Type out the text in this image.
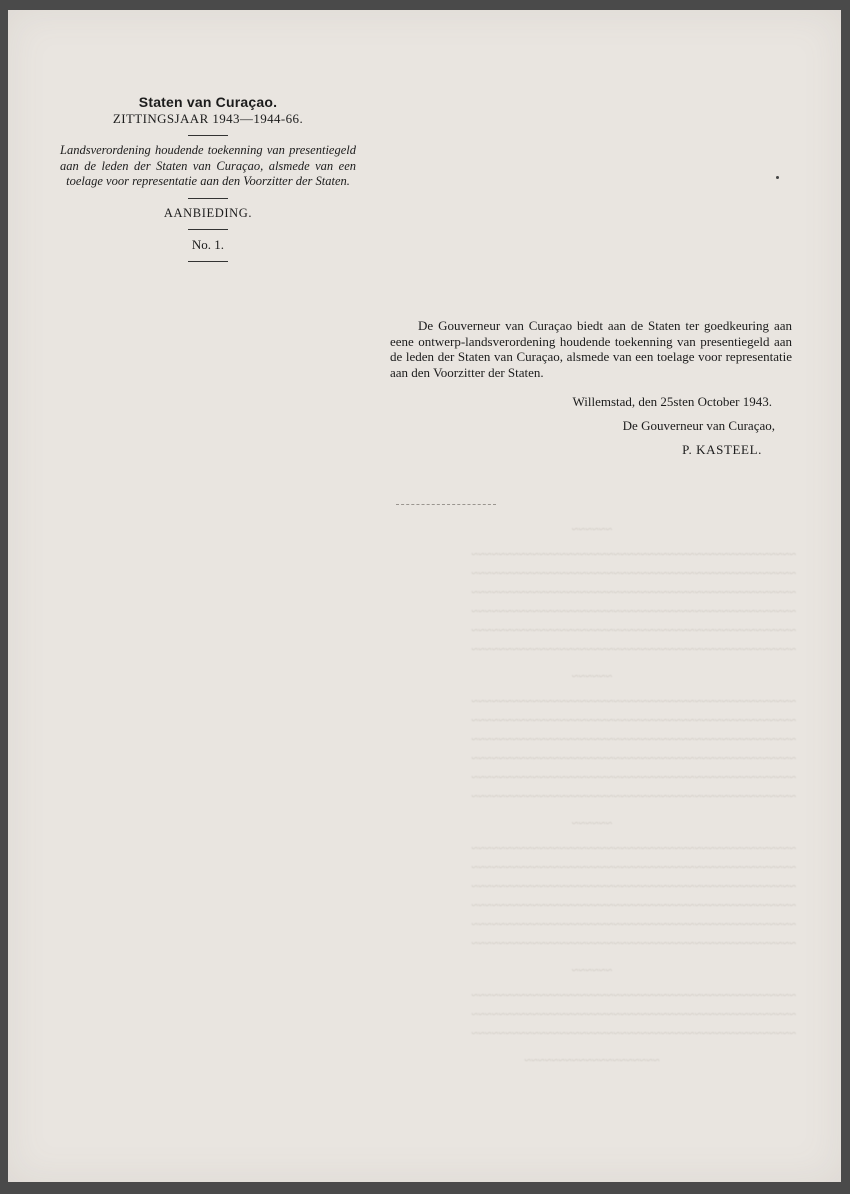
~~~~~~

~~~~~~~~~~~~~~~~~~~~~~~~~~~~~~~~~~~~~~~~~~~~~~~~

~~~~~~~~~~~~~~~~~~~~~~~~~~~~~~~~~~~~~~~~~~~~~~~~

~~~~~~~~~~~~~~~~~~~~~~~~~~~~~~~~~~~~~~~~~~~~~~~~

~~~~~~~~~~~~~~~~~~~~~~~~~~~~~~~~~~~~~~~~~~~~~~~~

~~~~~~~~~~~~~~~~~~~~~~~~~~~~~~~~~~~~~~~~~~~~~~~~

~~~~~~~~~~~~~~~~~~~~~~~~~~~~~~~~~~~~~~~~~~~~~~~~

~~~~~~

~~~~~~~~~~~~~~~~~~~~~~~~~~~~~~~~~~~~~~~~~~~~~~~~

~~~~~~~~~~~~~~~~~~~~~~~~~~~~~~~~~~~~~~~~~~~~~~~~

~~~~~~~~~~~~~~~~~~~~~~~~~~~~~~~~~~~~~~~~~~~~~~~~

~~~~~~~~~~~~~~~~~~~~~~~~~~~~~~~~~~~~~~~~~~~~~~~~

~~~~~~~~~~~~~~~~~~~~~~~~~~~~~~~~~~~~~~~~~~~~~~~~

~~~~~~~~~~~~~~~~~~~~~~~~~~~~~~~~~~~~~~~~~~~~~~~~

~~~~~~

~~~~~~~~~~~~~~~~~~~~~~~~~~~~~~~~~~~~~~~~~~~~~~~~

~~~~~~~~~~~~~~~~~~~~~~~~~~~~~~~~~~~~~~~~~~~~~~~~

~~~~~~~~~~~~~~~~~~~~~~~~~~~~~~~~~~~~~~~~~~~~~~~~

~~~~~~~~~~~~~~~~~~~~~~~~~~~~~~~~~~~~~~~~~~~~~~~~

~~~~~~~~~~~~~~~~~~~~~~~~~~~~~~~~~~~~~~~~~~~~~~~~

~~~~~~~~~~~~~~~~~~~~~~~~~~~~~~~~~~~~~~~~~~~~~~~~

~~~~~~

~~~~~~~~~~~~~~~~~~~~~~~~~~~~~~~~~~~~~~~~~~~~~~~~

~~~~~~~~~~~~~~~~~~~~~~~~~~~~~~~~~~~~~~~~~~~~~~~~

~~~~~~~~~~~~~~~~~~~~~~~~~~~~~~~~~~~~~~~~~~~~~~~~

~~~~~~~~~~~~~~~~~~~~
Staten van Curaçao.
ZITTINGSJAAR 1943—1944-66.
Landsverordening houdende toekenning van presentiegeld aan de leden der Staten van Curaçao, alsmede van een toelage voor representatie aan den Voorzitter der Staten.
AANBIEDING.
No. 1.

De Gouverneur van Curaçao biedt aan de Staten ter goedkeuring aan eene ontwerp-landsverordening houdende toekenning van presentiegeld aan de leden der Staten van Curaçao, alsmede van een toelage voor representatie aan den Voorzitter der Staten.

Willemstad, den 25sten October 1943.
De Gouverneur van Curaçao,
P. KASTEEL.
